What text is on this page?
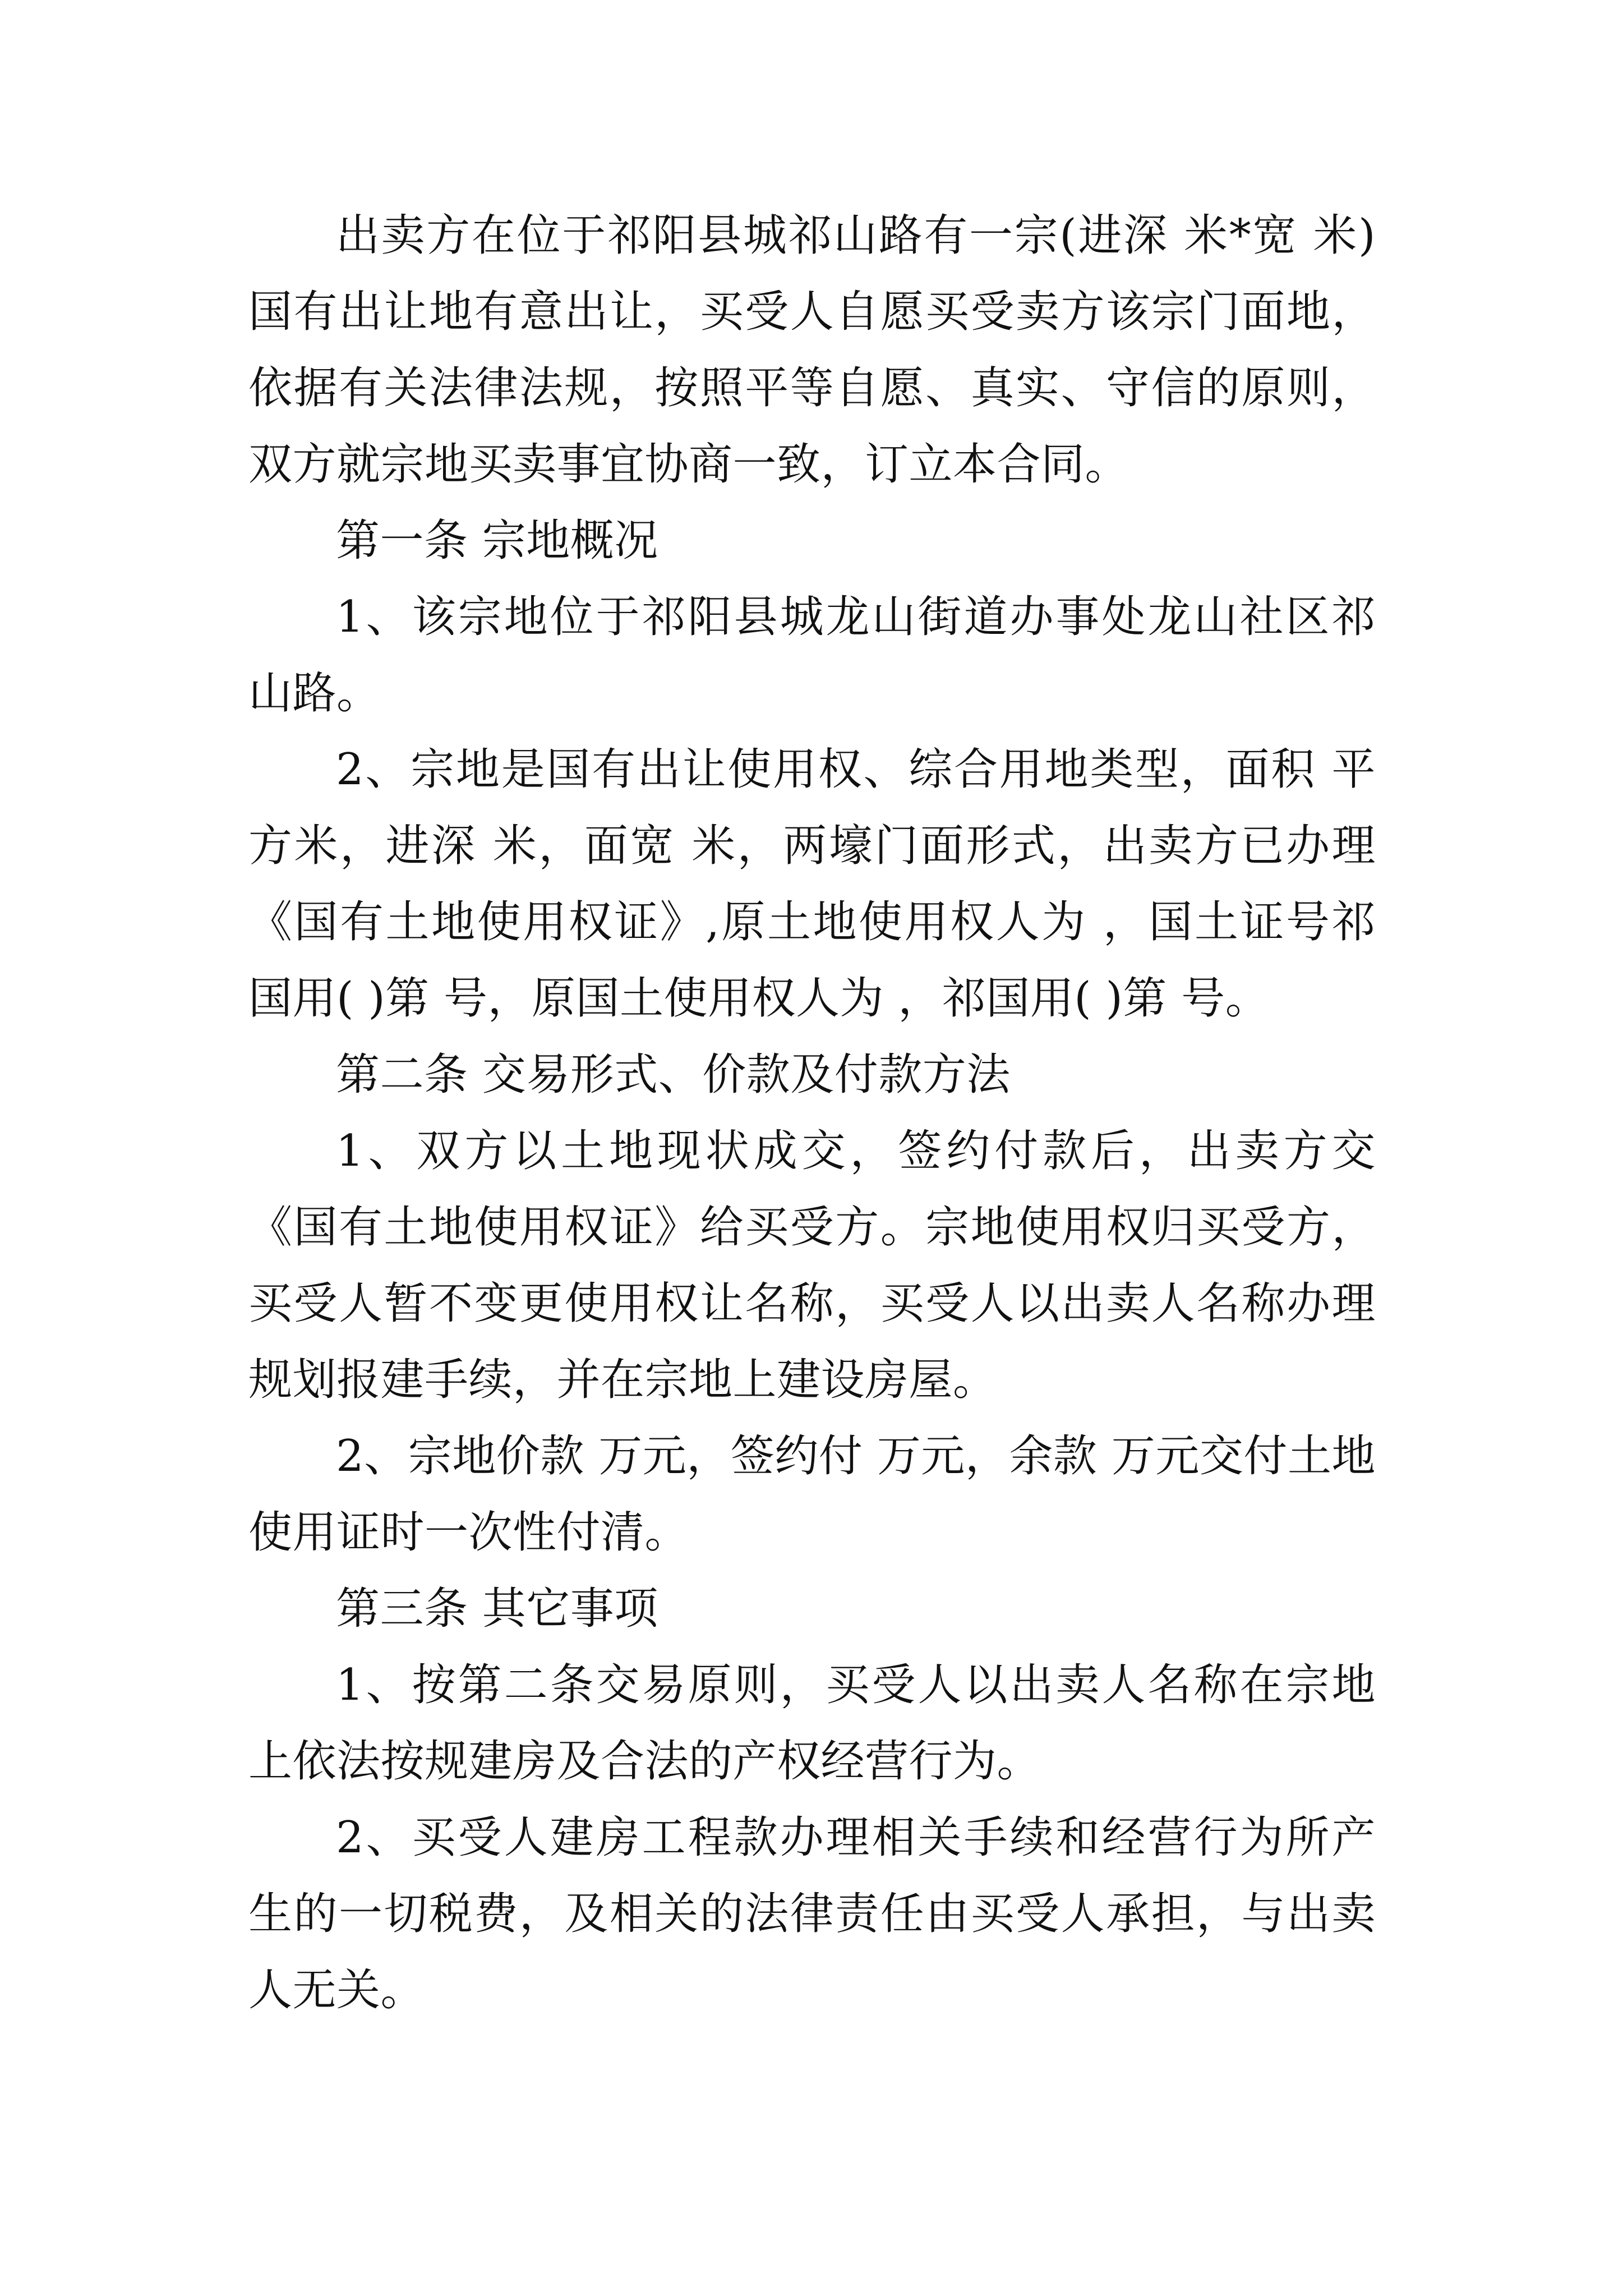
出卖方在位于祁阳县城祁山路有一宗(进深 米*宽 米)国有出让地有意出让，买受人自愿买受卖方该宗门面地，依据有关法律法规，按照平等自愿、真实、守信的原则，双方就宗地买卖事宜协商一致，订立本合同。

第一条 宗地概况

1、该宗地位于祁阳县城龙山街道办事处龙山社区祁山路。

2、宗地是国有出让使用权、综合用地类型，面积 平方米，进深 米，面宽 米，两壕门面形式，出卖方已办理《国有土地使用权证》,原土地使用权人为 ，国土证号祁国用( )第 号，原国土使用权人为 ，祁国用( )第 号。

第二条 交易形式、价款及付款方法

1、双方以土地现状成交，签约付款后，出卖方交《国有土地使用权证》给买受方。宗地使用权归买受方，买受人暂不变更使用权让名称，买受人以出卖人名称办理规划报建手续，并在宗地上建设房屋。

2、宗地价款 万元，签约付 万元，余款 万元交付土地使用证时一次性付清。

第三条 其它事项

1、按第二条交易原则，买受人以出卖人名称在宗地上依法按规建房及合法的产权经营行为。

2、买受人建房工程款办理相关手续和经营行为所产生的一切税费，及相关的法律责任由买受人承担，与出卖人无关。
